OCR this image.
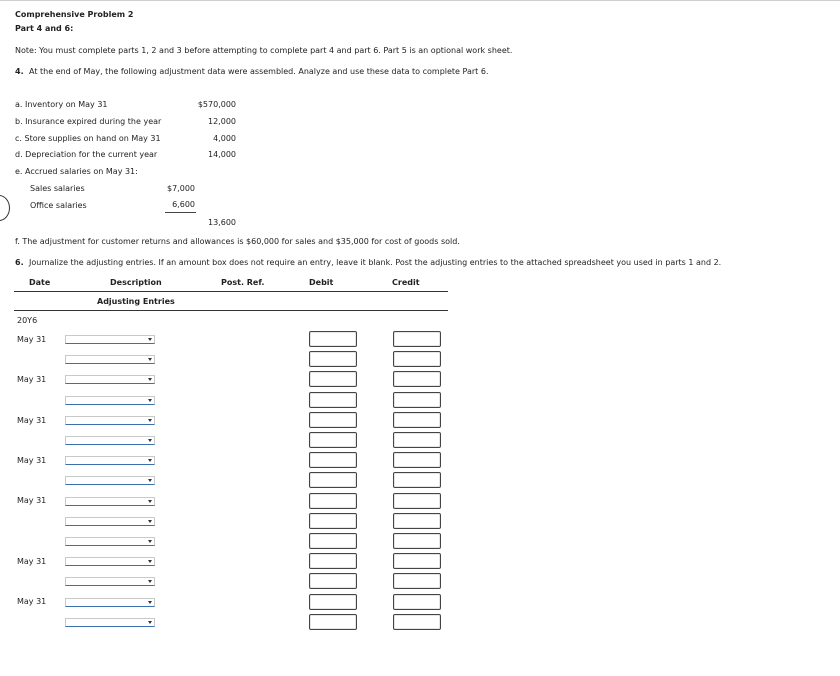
Comprehensive Problem 2
Part 4 and 6:
Note: You must complete parts 1, 2 and 3 before attempting to complete part 4 and part 6. Part 5 is an optional work sheet.
4. At the end of May, the following adjustment data were assembled. Analyze and use these data to complete Part 6.
a. Inventory on May 31	$570,000
b. Insurance expired during the year	12,000
c. Store supplies on hand on May 31	4,000
d. Depreciation for the current year	14,000
e. Accrued salaries on May 31:
Sales salaries	$7,000
Office salaries	6,600
13,600
f. The adjustment for customer returns and allowances is $60,000 for sales and $35,000 for cost of goods sold.
6. Journalize the adjusting entries. If an amount box does not require an entry, leave it blank. Post the adjusting entries to the attached spreadsheet you used in parts 1 and 2.
Date	Description	Post. Ref.	Debit	Credit
Adjusting Entries
20Y6
May 31
May 31
May 31
May 31
May 31
May 31
May 31
